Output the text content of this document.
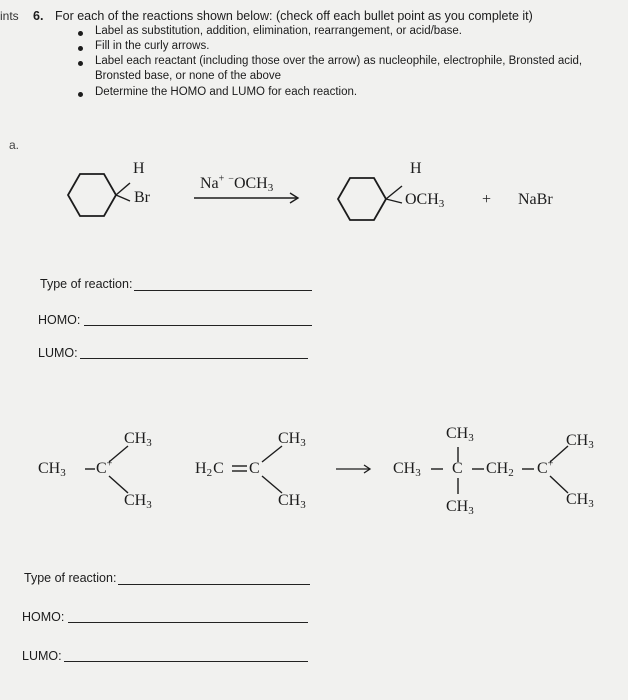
ints 6. For each of the reactions shown below: (check off each bullet point as you complete it)
Label as substitution, addition, elimination, rearrangement, or acid/base.
Fill in the curly arrows.
Label each reactant (including those over the arrow) as nucleophile, electrophile, Bronsted acid,
Bronsted base, or none of the above
Determine the HOMO and LUMO for each reaction.
a.
H
Br
Na+ $^-OCH_3$
H
$OCH_3$ + NaBr
Type of reaction:
HOMO:
LUMO:
$CH_3$ C+
$CH_3$
$CH_3$
$H_2C$ C
$CH_3$
$CH_3$
$CH_3$
$CH_3$ C $CH_2$ C+
$CH_3$
$CH_3$
$CH_3$
Type of reaction:
HOMO:
LUMO:
